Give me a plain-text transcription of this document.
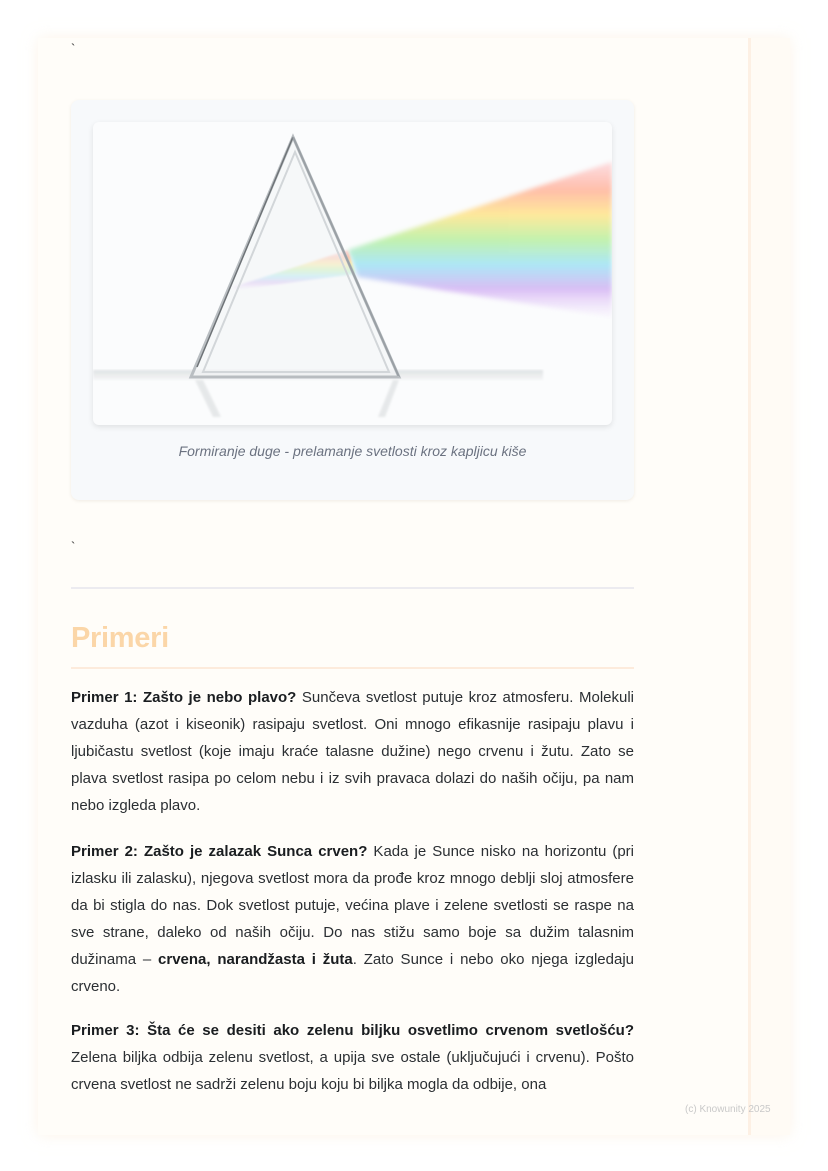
`
Formiranje duge - prelamanje svetlosti kroz kapljicu kiše
`
Primeri
Primer 1: Zašto je nebo plavo? Sunčeva svetlost putuje kroz atmosferu. Molekuli vazduha (azot i kiseonik) rasipaju svetlost. Oni mnogo efikasnije rasipaju plavu i ljubičastu svetlost (koje imaju kraće talasne dužine) nego crvenu i žutu. Zato se plava svetlost rasipa po celom nebu i iz svih pravaca dolazi do naših očiju, pa nam nebo izgleda plavo.
Primer 2: Zašto je zalazak Sunca crven? Kada je Sunce nisko na horizontu (pri izlasku ili zalasku), njegova svetlost mora da prođe kroz mnogo deblji sloj atmosfere da bi stigla do nas. Dok svetlost putuje, većina plave i zelene svetlosti se raspe na sve strane, daleko od naših očiju. Do nas stižu samo boje sa dužim talasnim dužinama – crvena, narandžasta i žuta. Zato Sunce i nebo oko njega izgledaju crveno.
Primer 3: Šta će se desiti ako zelenu biljku osvetlimo crvenom svetlošću? Zelena biljka odbija zelenu svetlost, a upija sve ostale (uključujući i crvenu). Pošto crvena svetlost ne sadrži zelenu boju koju bi biljka mogla da odbije, ona
(c) Knowunity 2025
